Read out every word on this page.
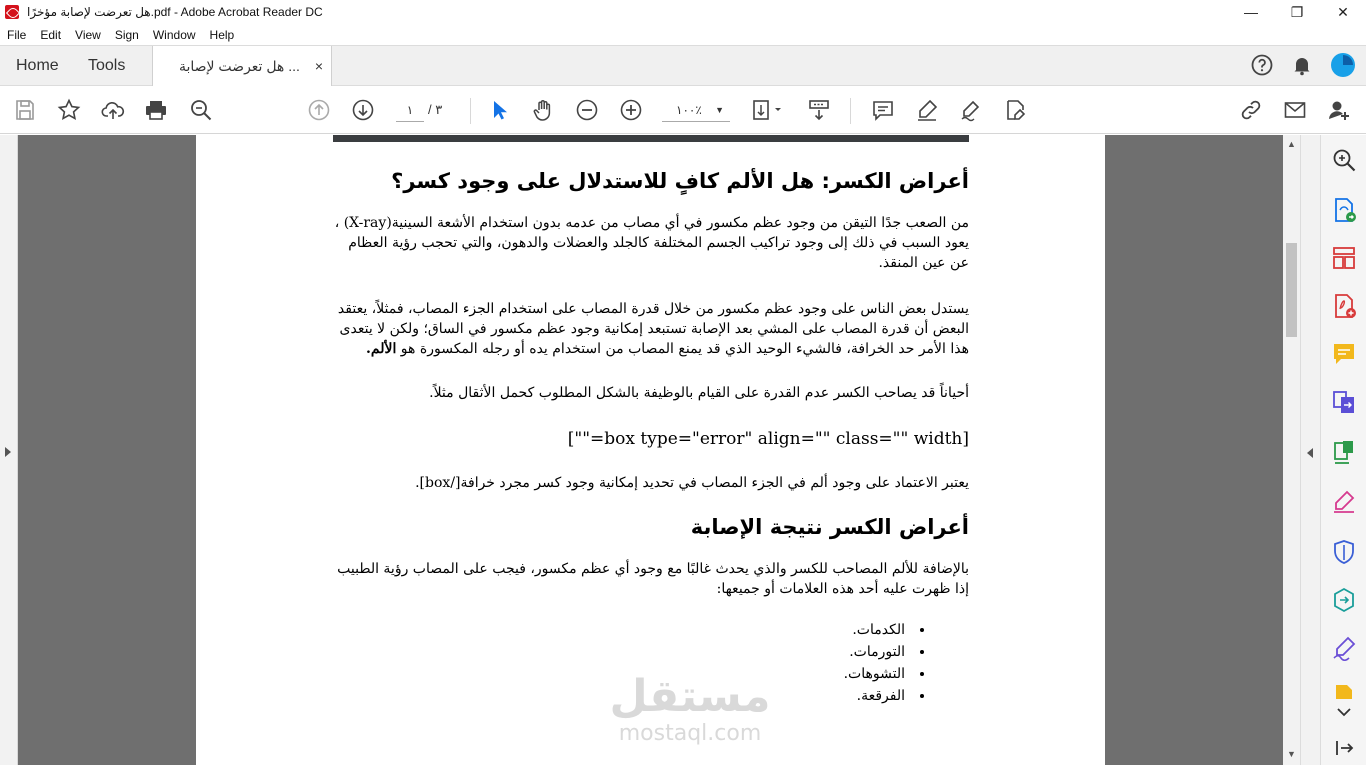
هل تعرضت لإصابة مؤخرًا.pdf - Adobe Acrobat Reader DC	—	❐	✕
File	Edit	View	Sign	Window	Help
Home Tools	هل تعرضت لإصابة ... ×
١	/ ٣	١٠٠٪ ▼
أعراض الكسر: هل الألم كافٍ للاستدلال على وجود كسر؟

من الصعب جدًا التيقن من وجود عظم مكسور في أي مصاب من عدمه بدون استخدام الأشعة السينية(X-ray) ، يعود السبب في ذلك إلى وجود تراكيب الجسم المختلفة كالجلد والعضلات والدهون، والتي تحجب رؤية العظام عن عين المنقذ.

يستدل بعض الناس على وجود عظم مكسور من خلال قدرة المصاب على استخدام الجزء المصاب، فمثلاً، يعتقد البعض أن قدرة المصاب على المشي بعد الإصابة تستبعد إمكانية وجود عظم مكسور في الساق؛ ولكن لا يتعدى هذا الأمر حد الخرافة، فالشيء الوحيد الذي قد يمنع المصاب من استخدام يده أو رجله المكسورة هو الألم.

أحياناً قد يصاحب الكسر عدم القدرة على القيام بالوظيفة بالشكل المطلوب كحمل الأثقال مثلاً.

[box type="error" align="" class="" width=""]

يعتبر الاعتماد على وجود ألم في الجزء المصاب في تحديد إمكانية وجود كسر مجرد خرافة[/box].

أعراض الكسر نتيجة الإصابة

بالإضافة للألم المصاحب للكسر والذي يحدث غالبًا مع وجود أي عظم مكسور، فيجب على المصاب رؤية الطبيب إذا ظهرت عليه أحد هذه العلامات أو جميعها:

• الكدمات.
• التورمات.
• التشوهات.
• الفرقعة.
مستقل
mostaql.com
▲
▼
